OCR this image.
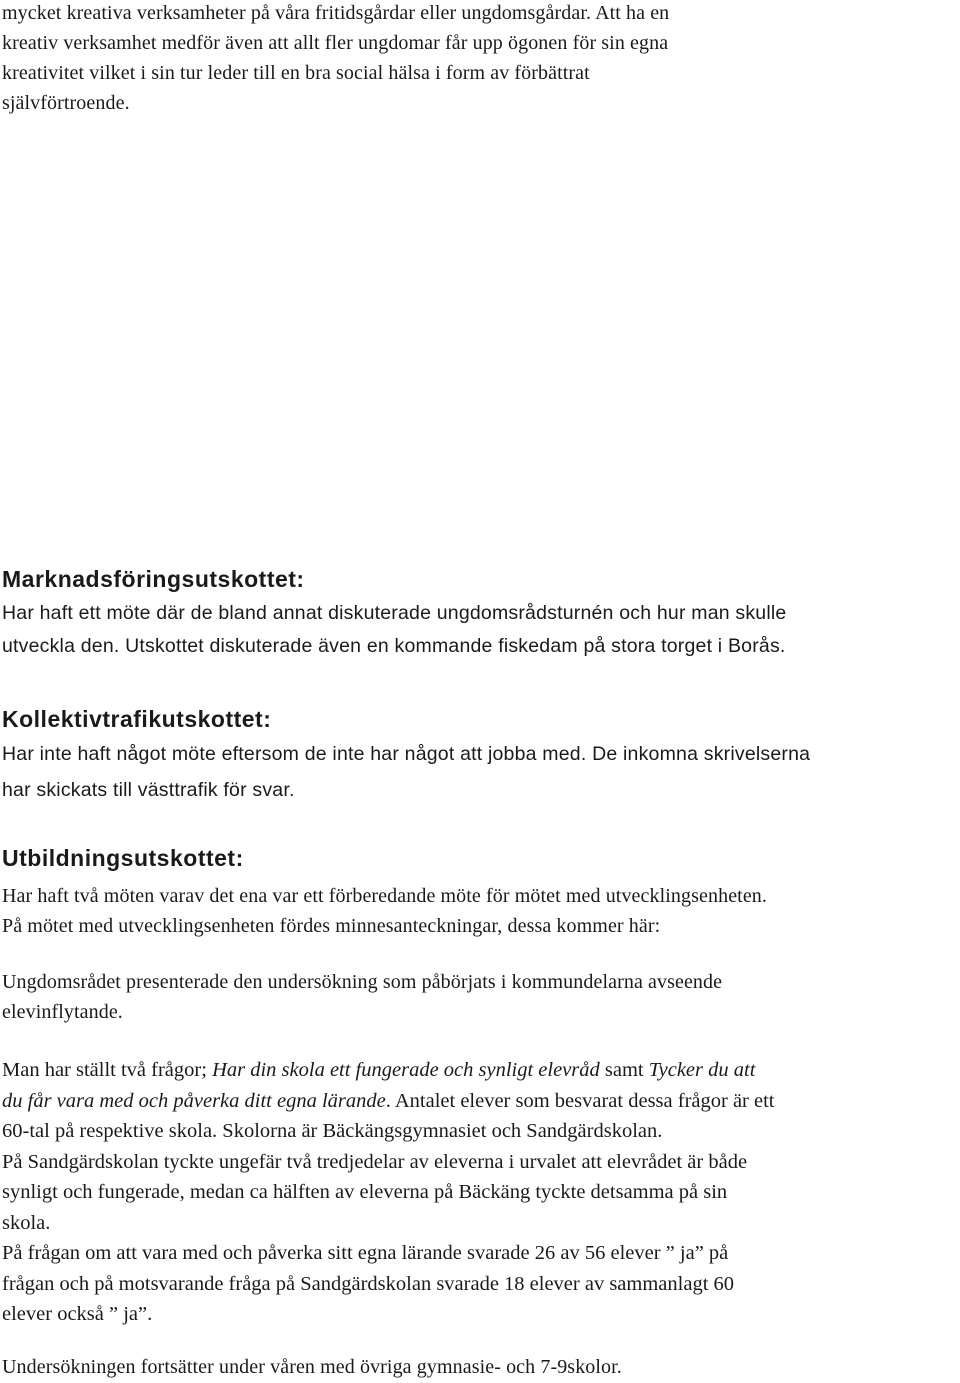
mycket kreativa verksamheter på våra fritidsgårdar eller ungdomsgårdar. Att ha en
kreativ verksamhet medför även att allt fler ungdomar får upp ögonen för sin egna
kreativitet vilket i sin tur leder till en bra social hälsa i form av förbättrat
självförtroende.

Marknadsföringsutskottet:

Har haft ett möte där de bland annat diskuterade ungdomsrådsturnén och hur man skulle
utveckla den. Utskottet diskuterade även en kommande fiskedam på stora torget i Borås.

Kollektivtrafikutskottet:

Har inte haft något möte eftersom de inte har något att jobba med. De inkomna skrivelserna
har skickats till västtrafik för svar.

Utbildningsutskottet:

Har haft två möten varav det ena var ett förberedande möte för mötet med utvecklingsenheten.
På mötet med utvecklingsenheten fördes minnesanteckningar, dessa kommer här:

Ungdomsrådet presenterade den undersökning som påbörjats i kommundelarna avseende
elevinflytande.

Man har ställt två frågor; Har din skola ett fungerade och synligt elevråd samt Tycker du att
du får vara med och påverka ditt egna lärande. Antalet elever som besvarat dessa frågor är ett
60-tal på respektive skola. Skolorna är Bäckängsgymnasiet och Sandgärdskolan.
På Sandgärdskolan tyckte ungefär två tredjedelar av eleverna i urvalet att elevrådet är både
synligt och fungerade, medan ca hälften av eleverna på Bäckäng tyckte detsamma på sin
skola.
På frågan om att vara med och påverka sitt egna lärande svarade 26 av 56 elever ” ja” på
frågan och på motsvarande fråga på Sandgärdskolan svarade 18 elever av sammanlagt 60
elever också ” ja”.

Undersökningen fortsätter under våren med övriga gymnasie- och 7-9skolor.
